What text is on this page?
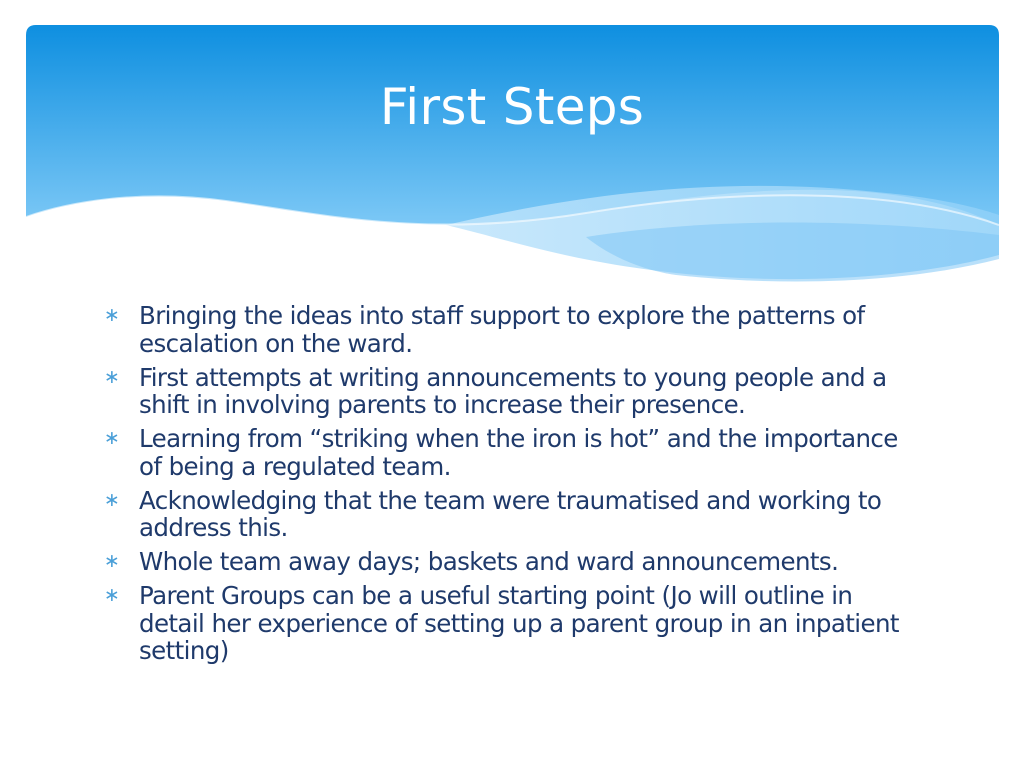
First Steps
∗ Bringing the ideas into staff support to explore the patterns of escalation on the ward.
∗ First attempts at writing announcements to young people and a shift in involving parents to increase their presence.
∗ Learning from “striking when the iron is hot” and the importance of being a regulated team.
∗ Acknowledging that the team were traumatised and working to address this.
∗ Whole team away days; baskets and ward announcements.
∗ Parent Groups can be a useful starting point (Jo will outline in detail her experience of setting up a parent group in an inpatient setting)
